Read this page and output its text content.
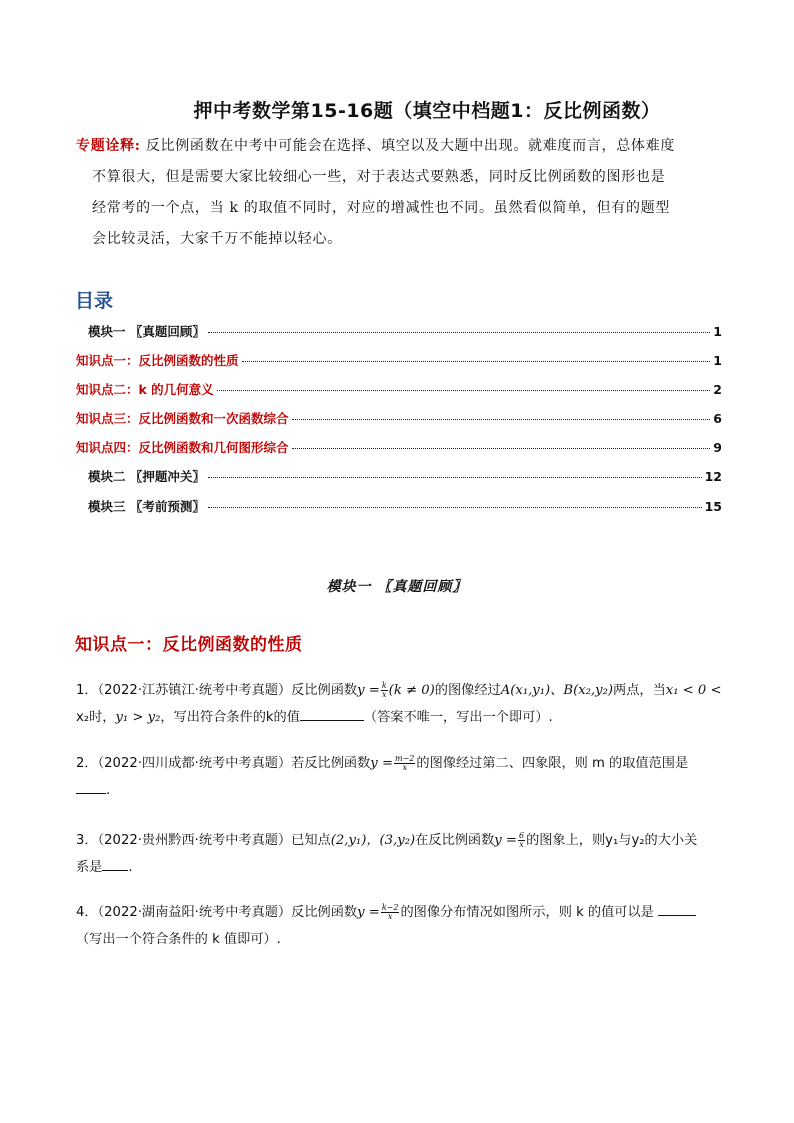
押中考数学第15-16题（填空中档题1：反比例函数）
专题诠释: 反比例函数在中考中可能会在选择、填空以及大题中出现。就难度而言，总体难度
不算很大，但是需要大家比较细心一些，对于表达式要熟悉，同时反比例函数的图形也是
经常考的一个点，当 k 的取值不同时，对应的增减性也不同。虽然看似简单，但有的题型
会比较灵活，大家千万不能掉以轻心。
目录
模块一 〖真题回顾〗	1
知识点一：反比例函数的性质	1
知识点二：k 的几何意义	2
知识点三：反比例函数和一次函数综合	6
知识点四：反比例函数和几何图形综合	9
模块二 〖押题冲关〗	12
模块三 〖考前预测〗	15
模块一 〖真题回顾〗
知识点一：反比例函数的性质
1．（2022·江苏镇江·统考中考真题）反比例函数$y = \frac{k}{x} (k \ne 0)$的图像经过A(x₁,y₁)、B(x₂,y₂)两点，当x₁ < 0 <
x₂时，y₁ > y₂，写出符合条件的k的值	（答案不唯一，写出一个即可）.
2．（2022·四川成都·统考中考真题）若反比例函数$y = \frac{m-2}{x}$ 的图像经过第二、四象限，则 m 的取值范围是
.
3．（2022·贵州黔西·统考中考真题）已知点(2,y₁)，(3,y₂)在反比例函数$y = \frac{6}{x}$ 的图象上，则y₁与y₂的大小关
系是 .
4．（2022·湖南益阳·统考中考真题）反比例函数$y = \frac{k-2}{x}$ 的图像分布情况如图所示，则 k 的值可以是
（写出一个符合条件的 k 值即可）.
